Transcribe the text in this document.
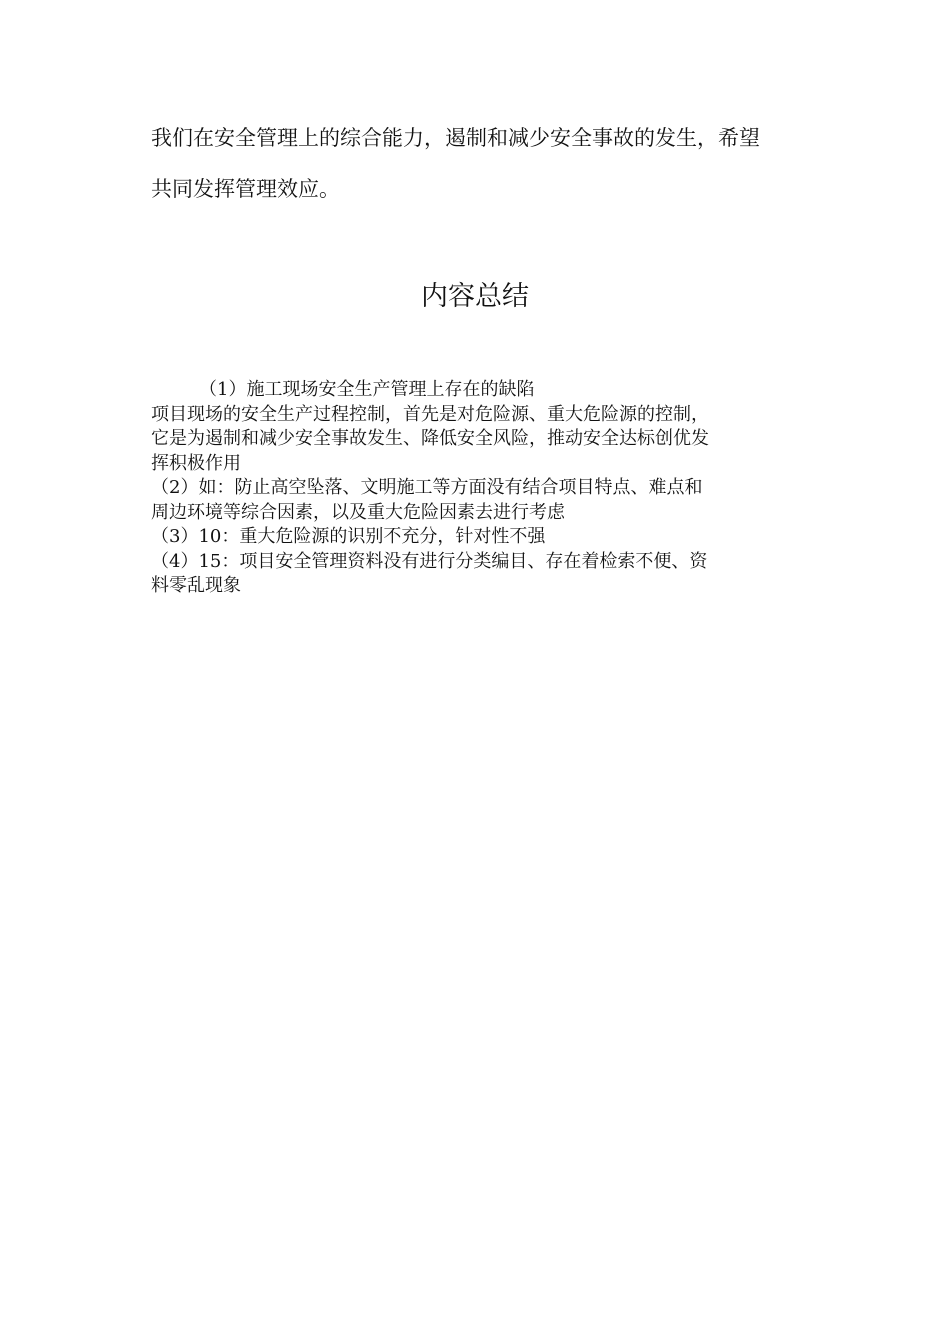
我们在安全管理上的综合能力，遏制和减少安全事故的发生，希望
共同发挥管理效应。
内容总结

（1）施工现场安全生产管理上存在的缺陷

项目现场的安全生产过程控制，首先是对危险源、重大危险源的控制，

它是为遏制和减少安全事故发生、降低安全风险，推动安全达标创优发

挥积极作用

（2）如：防止高空坠落、文明施工等方面没有结合项目特点、难点和

周边环境等综合因素，以及重大危险因素去进行考虑

（3）10：重大危险源的识别不充分，针对性不强

（4）15：项目安全管理资料没有进行分类编目、存在着检索不便、资

料零乱现象
